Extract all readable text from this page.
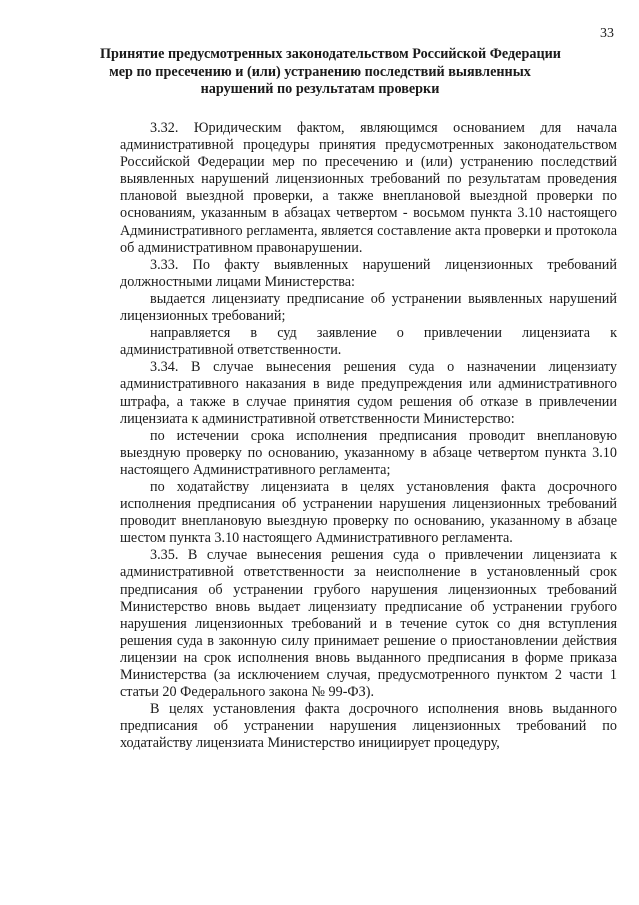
33
Принятие предусмотренных законодательством Российской Федерации
мер по пресечению и (или) устранению последствий выявленных
нарушений по результатам проверки

3.32. Юридическим фактом, являющимся основанием для начала административной процедуры принятия предусмотренных законодательством Российской Федерации мер по пресечению и (или) устранению последствий выявленных нарушений лицензионных требований по результатам проведения плановой выездной проверки, а также внеплановой выездной проверки по основаниям, указанным в абзацах четвертом - восьмом пункта 3.10 настоящего Административного регламента, является составление акта проверки и протокола об административном правонарушении.

3.33. По факту выявленных нарушений лицензионных требований должностными лицами Министерства:

выдается лицензиату предписание об устранении выявленных нарушений лицензионных требований;

направляется в суд заявление о привлечении лицензиата к административной ответственности.

3.34. В случае вынесения решения суда о назначении лицензиату административного наказания в виде предупреждения или административного штрафа, а также в случае принятия судом решения об отказе в привлечении лицензиата к административной ответственности Министерство:

по истечении срока исполнения предписания проводит внеплановую выездную проверку по основанию, указанному в абзаце четвертом пункта 3.10 настоящего Административного регламента;

по ходатайству лицензиата в целях установления факта досрочного исполнения предписания об устранении нарушения лицензионных требований проводит внеплановую выездную проверку по основанию, указанному в абзаце шестом пункта 3.10 настоящего Административного регламента.

3.35. В случае вынесения решения суда о привлечении лицензиата к административной ответственности за неисполнение в установленный срок предписания об устранении грубого нарушения лицензионных требований Министерство вновь выдает лицензиату предписание об устранении грубого нарушения лицензионных требований и в течение суток со дня вступления решения суда в законную силу принимает решение о приостановлении действия лицензии на срок исполнения вновь выданного предписания в форме приказа Министерства (за исключением случая, предусмотренного пунктом 2 части 1 статьи 20 Федерального закона № 99-ФЗ).

В целях установления факта досрочного исполнения вновь выданного предписания об устранении нарушения лицензионных требований по ходатайству лицензиата Министерство инициирует процедуру,
